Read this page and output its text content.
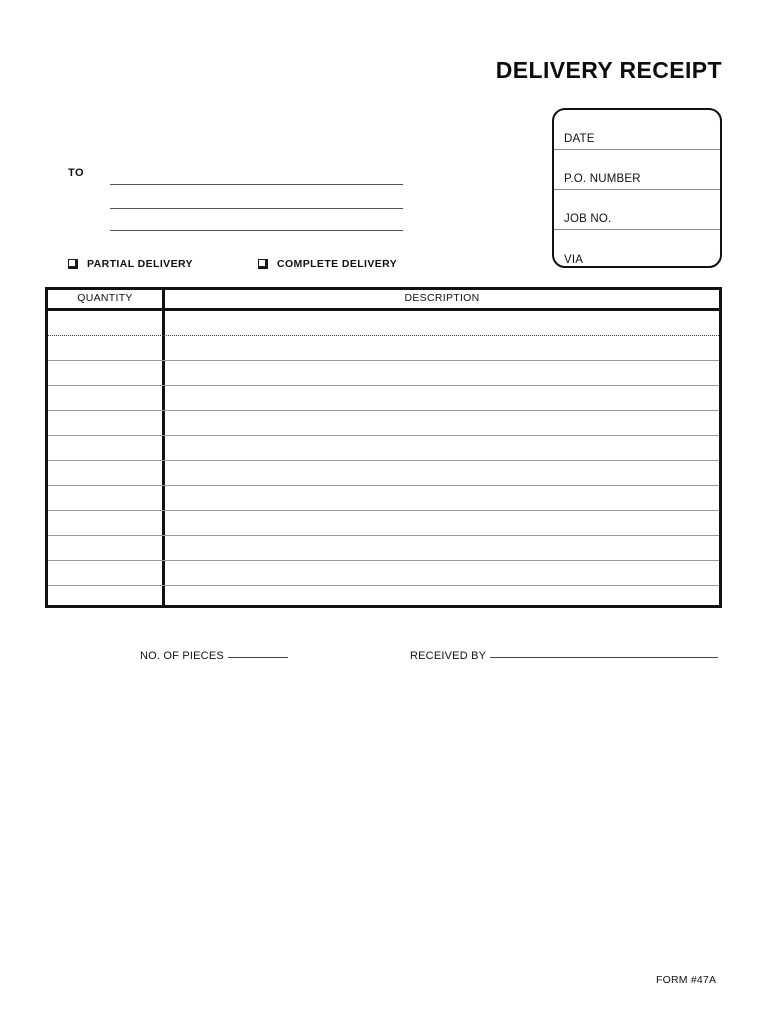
DELIVERY RECEIPT
DATE
P.O. NUMBER
JOB NO.
VIA
TO
PARTIAL DELIVERY	COMPLETE DELIVERY
QUANTITY	DESCRIPTION
NO. OF PIECES	RECEIVED BY
FORM #47A
